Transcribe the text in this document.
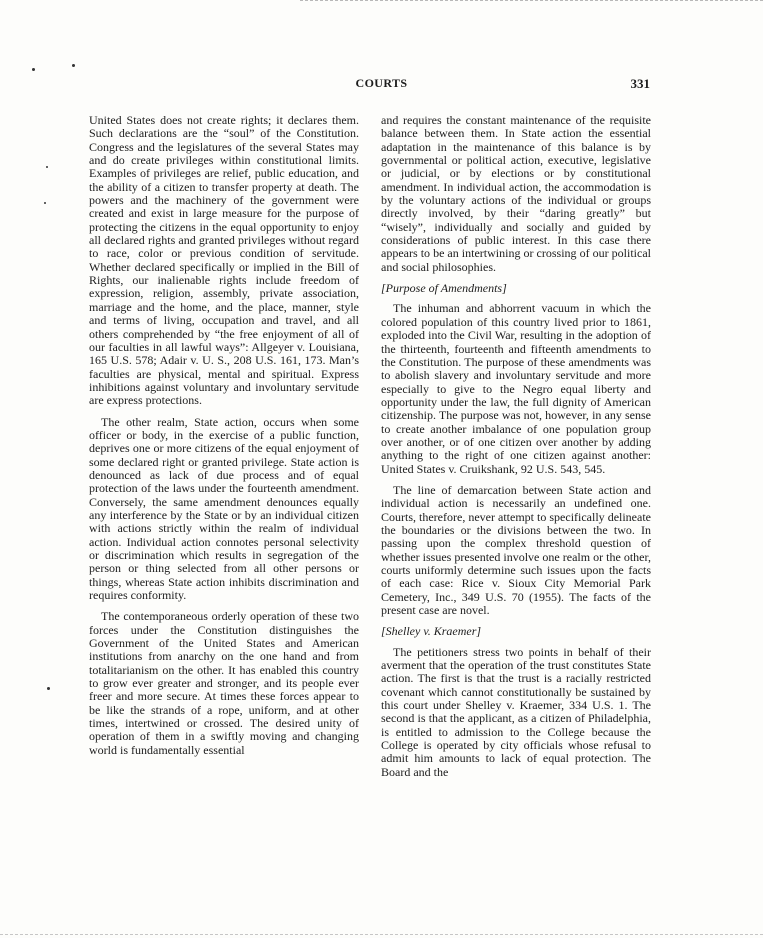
COURTS	331

United States does not create rights; it declares them. Such declarations are the “soul” of the Constitution. Congress and the legislatures of the several States may and do create privileges within constitutional limits. Examples of privileges are relief, public education, and the ability of a citizen to transfer property at death. The powers and the machinery of the government were created and exist in large measure for the purpose of protecting the citizens in the equal opportunity to enjoy all declared rights and granted privileges without regard to race, color or previous condition of servitude. Whether declared specifically or implied in the Bill of Rights, our inalienable rights include freedom of expression, religion, assembly, private association, marriage and the home, and the place, manner, style and terms of living, occupation and travel, and all others comprehended by “the free enjoyment of all of our faculties in all lawful ways”: Allgeyer v. Louisiana, 165 U.S. 578; Adair v. U. S., 208 U.S. 161, 173. Man’s faculties are physical, mental and spiritual. Express inhibitions against voluntary and involuntary servitude are express protections.

The other realm, State action, occurs when some officer or body, in the exercise of a public function, deprives one or more citizens of the equal enjoyment of some declared right or granted privilege. State action is denounced as lack of due process and of equal protection of the laws under the fourteenth amendment. Conversely, the same amendment denounces equally any interference by the State or by an individual citizen with actions strictly within the realm of individual action. Individual action connotes personal selectivity or discrimination which results in segregation of the person or thing selected from all other persons or things, whereas State action inhibits discrimination and requires conformity.

The contemporaneous orderly operation of these two forces under the Constitution distinguishes the Government of the United States and American institutions from anarchy on the one hand and from totalitarianism on the other. It has enabled this country to grow ever greater and stronger, and its people ever freer and more secure. At times these forces appear to be like the strands of a rope, uniform, and at other times, intertwined or crossed. The desired unity of operation of them in a swiftly moving and changing world is fundamentally essential

and requires the constant maintenance of the requisite balance between them. In State action the essential adaptation in the maintenance of this balance is by governmental or political action, executive, legislative or judicial, or by elections or by constitutional amendment. In individual action, the accommodation is by the voluntary actions of the individual or groups directly involved, by their “daring greatly” but “wisely”, individually and socially and guided by considerations of public interest. In this case there appears to be an intertwining or crossing of our political and social philosophies.

[Purpose of Amendments]

The inhuman and abhorrent vacuum in which the colored population of this country lived prior to 1861, exploded into the Civil War, resulting in the adoption of the thirteenth, fourteenth and fifteenth amendments to the Constitution. The purpose of these amendments was to abolish slavery and involuntary servitude and more especially to give to the Negro equal liberty and opportunity under the law, the full dignity of American citizenship. The purpose was not, however, in any sense to create another imbalance of one population group over another, or of one citizen over another by adding anything to the right of one citizen against another: United States v. Cruikshank, 92 U.S. 543, 545.

The line of demarcation between State action and individual action is necessarily an undefined one. Courts, therefore, never attempt to specifically delineate the boundaries or the divisions between the two. In passing upon the complex threshold question of whether issues presented involve one realm or the other, courts uniformly determine such issues upon the facts of each case: Rice v. Sioux City Memorial Park Cemetery, Inc., 349 U.S. 70 (1955). The facts of the present case are novel.

[Shelley v. Kraemer]

The petitioners stress two points in behalf of their averment that the operation of the trust constitutes State action. The first is that the trust is a racially restricted covenant which cannot constitutionally be sustained by this court under Shelley v. Kraemer, 334 U.S. 1. The second is that the applicant, as a citizen of Philadelphia, is entitled to admission to the College because the College is operated by city officials whose refusal to admit him amounts to lack of equal protection. The Board and the
